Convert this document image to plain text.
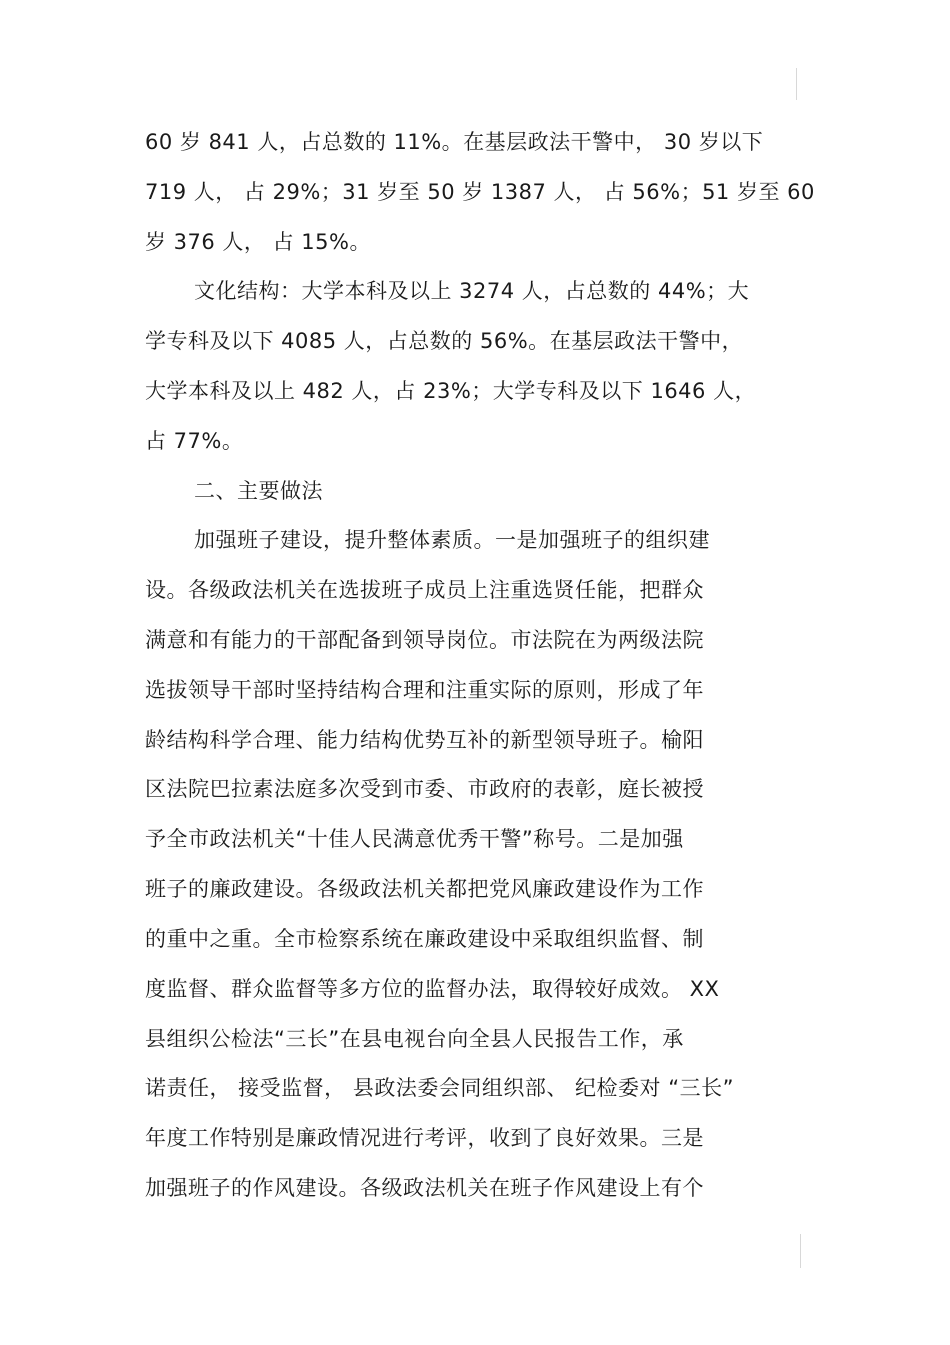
60 岁 841 人，占总数的 11%。在基层政法干警中， 30 岁以下
719 人， 占 29%；31 岁至 50 岁 1387 人， 占 56%；51 岁至 60
岁 376 人， 占 15%。
文化结构：大学本科及以上 3274 人，占总数的 44%；大
学专科及以下 4085 人，占总数的 56%。在基层政法干警中，
大学本科及以上 482 人，占 23%；大学专科及以下 1646 人，
占 77%。
二、主要做法
加强班子建设，提升整体素质。一是加强班子的组织建
设。各级政法机关在选拔班子成员上注重选贤任能，把群众
满意和有能力的干部配备到领导岗位。市法院在为两级法院
选拔领导干部时坚持结构合理和注重实际的原则，形成了年
龄结构科学合理、能力结构优势互补的新型领导班子。榆阳
区法院巴拉素法庭多次受到市委、市政府的表彰，庭长被授
予全市政法机关“十佳人民满意优秀干警”称号。二是加强
班子的廉政建设。各级政法机关都把党风廉政建设作为工作
的重中之重。全市检察系统在廉政建设中采取组织监督、制
度监督、群众监督等多方位的监督办法，取得较好成效。 XX
县组织公检法“三长”在县电视台向全县人民报告工作，承
诺责任， 接受监督， 县政法委会同组织部、 纪检委对 “三长”
年度工作特别是廉政情况进行考评，收到了良好效果。三是
加强班子的作风建设。各级政法机关在班子作风建设上有个
